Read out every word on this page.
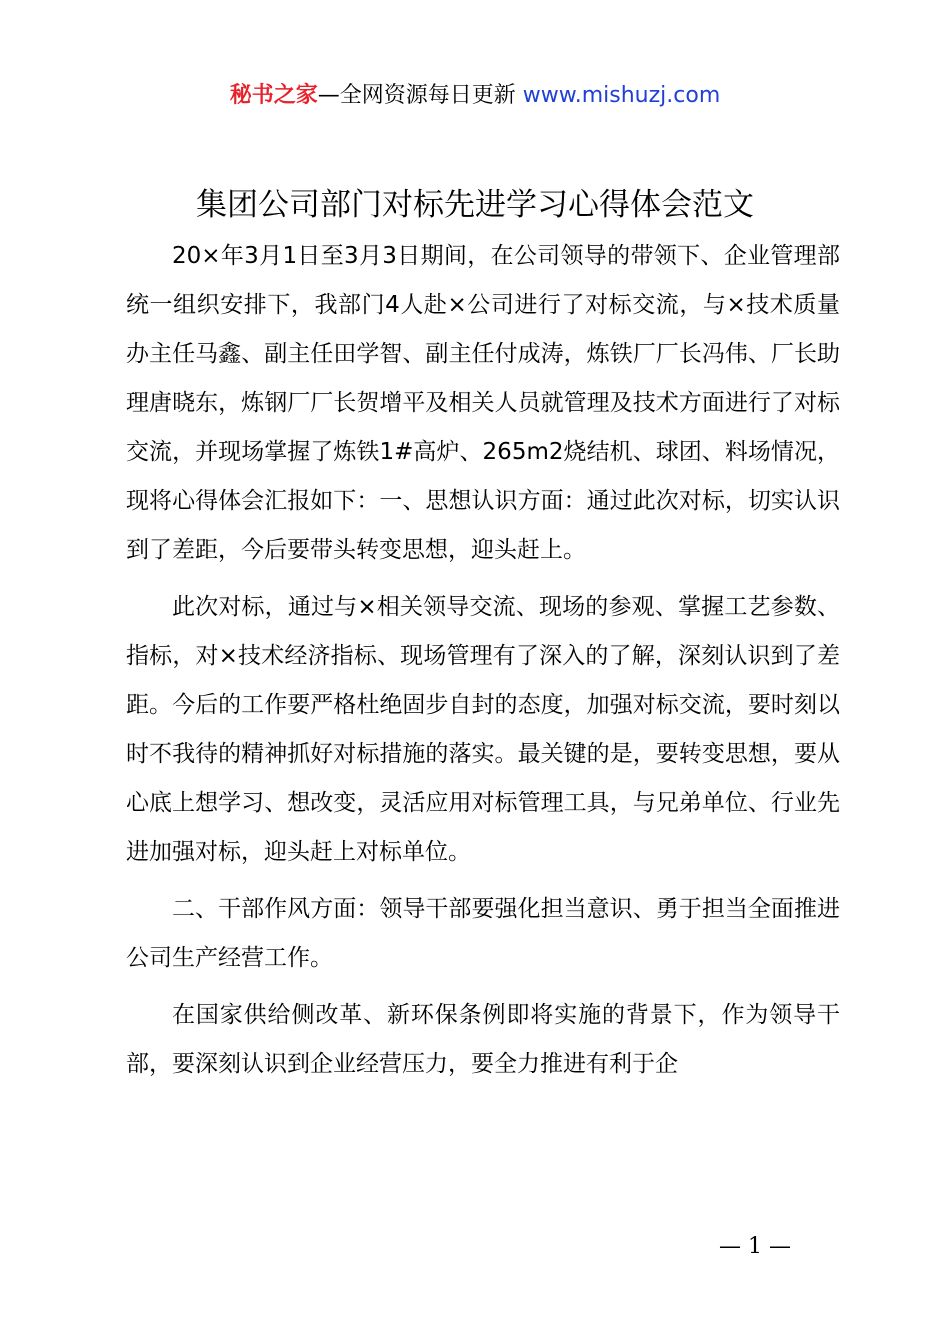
秘书之家—全网资源每日更新 www.mishuzj.com
集团公司部门对标先进学习心得体会范文

20×年3月1日至3月3日期间，在公司领导的带领下、企业管理部统一组织安排下，我部门4人赴×公司进行了对标交流，与×技术质量办主任马鑫、副主任田学智、副主任付成涛，炼铁厂厂长冯伟、厂长助理唐晓东，炼钢厂厂长贺增平及相关人员就管理及技术方面进行了对标交流，并现场掌握了炼铁1#高炉、265m2烧结机、球团、料场情况，现将心得体会汇报如下：一、思想认识方面：通过此次对标，切实认识到了差距，今后要带头转变思想，迎头赶上。

此次对标，通过与×相关领导交流、现场的参观、掌握工艺参数、指标，对×技术经济指标、现场管理有了深入的了解，深刻认识到了差距。今后的工作要严格杜绝固步自封的态度，加强对标交流，要时刻以时不我待的精神抓好对标措施的落实。最关键的是，要转变思想，要从心底上想学习、想改变，灵活应用对标管理工具，与兄弟单位、行业先进加强对标，迎头赶上对标单位。

二、干部作风方面：领导干部要强化担当意识、勇于担当全面推进公司生产经营工作。

在国家供给侧改革、新环保条例即将实施的背景下，作为领导干部，要深刻认识到企业经营压力，要全力推进有利于企

— 1 —
